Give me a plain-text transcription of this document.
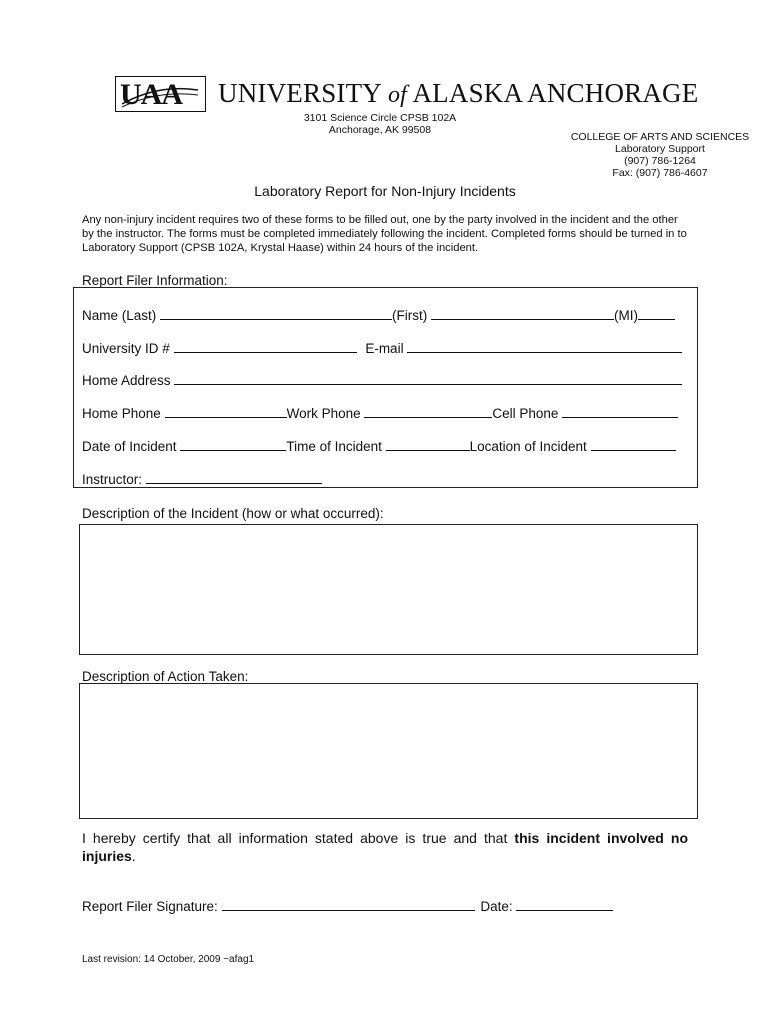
UAA UNIVERSITY of ALASKA ANCHORAGE
3101 Science Circle CPSB 102A
Anchorage, AK 99508
COLLEGE OF ARTS AND SCIENCES
Laboratory Support
(907) 786-1264
Fax: (907) 786-4607
Laboratory Report for Non-Injury Incidents
Any non-injury incident requires two of these forms to be filled out, one by the party involved in the incident and the other by the instructor. The forms must be completed immediately following the incident. Completed forms should be turned in to Laboratory Support (CPSB 102A, Krystal Haase) within 24 hours of the incident.
Report Filer Information:
Name (Last)	(First)	(MI)
University ID #	E-mail
Home Address
Home Phone	Work Phone	Cell Phone
Date of Incident	Time of Incident	Location of Incident
Instructor:
Description of the Incident (how or what occurred):
Description of Action Taken:
I hereby certify that all information stated above is true and that this incident involved no injuries.
Report Filer Signature:	Date:
Last revision: 14 October, 2009 ~afag1
